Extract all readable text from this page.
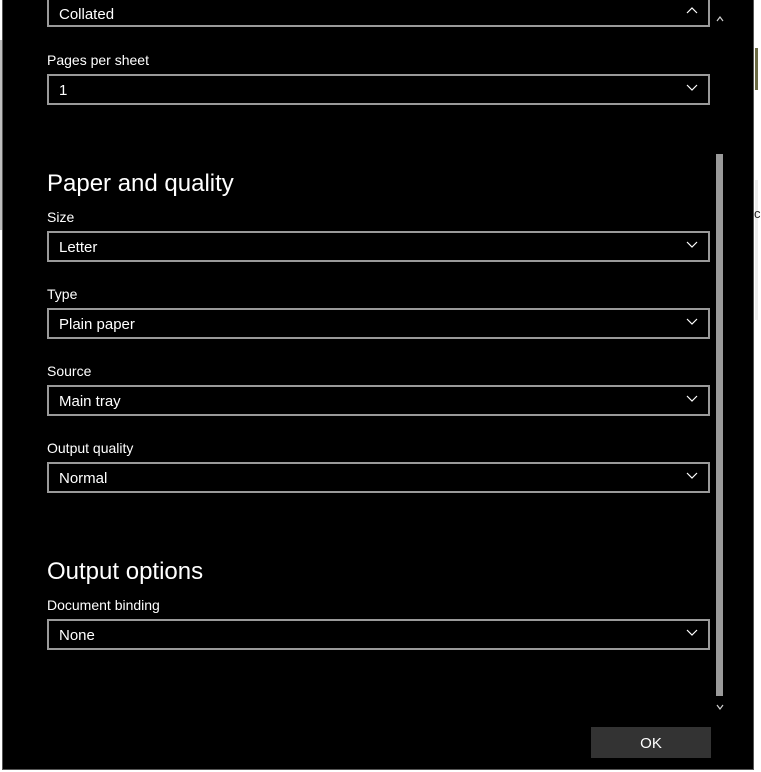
c
Collated
Pages per sheet
1
Paper and quality
Size
Letter
Type
Plain paper
Source
Main tray
Output quality
Normal
Output options
Document binding
None
OK
